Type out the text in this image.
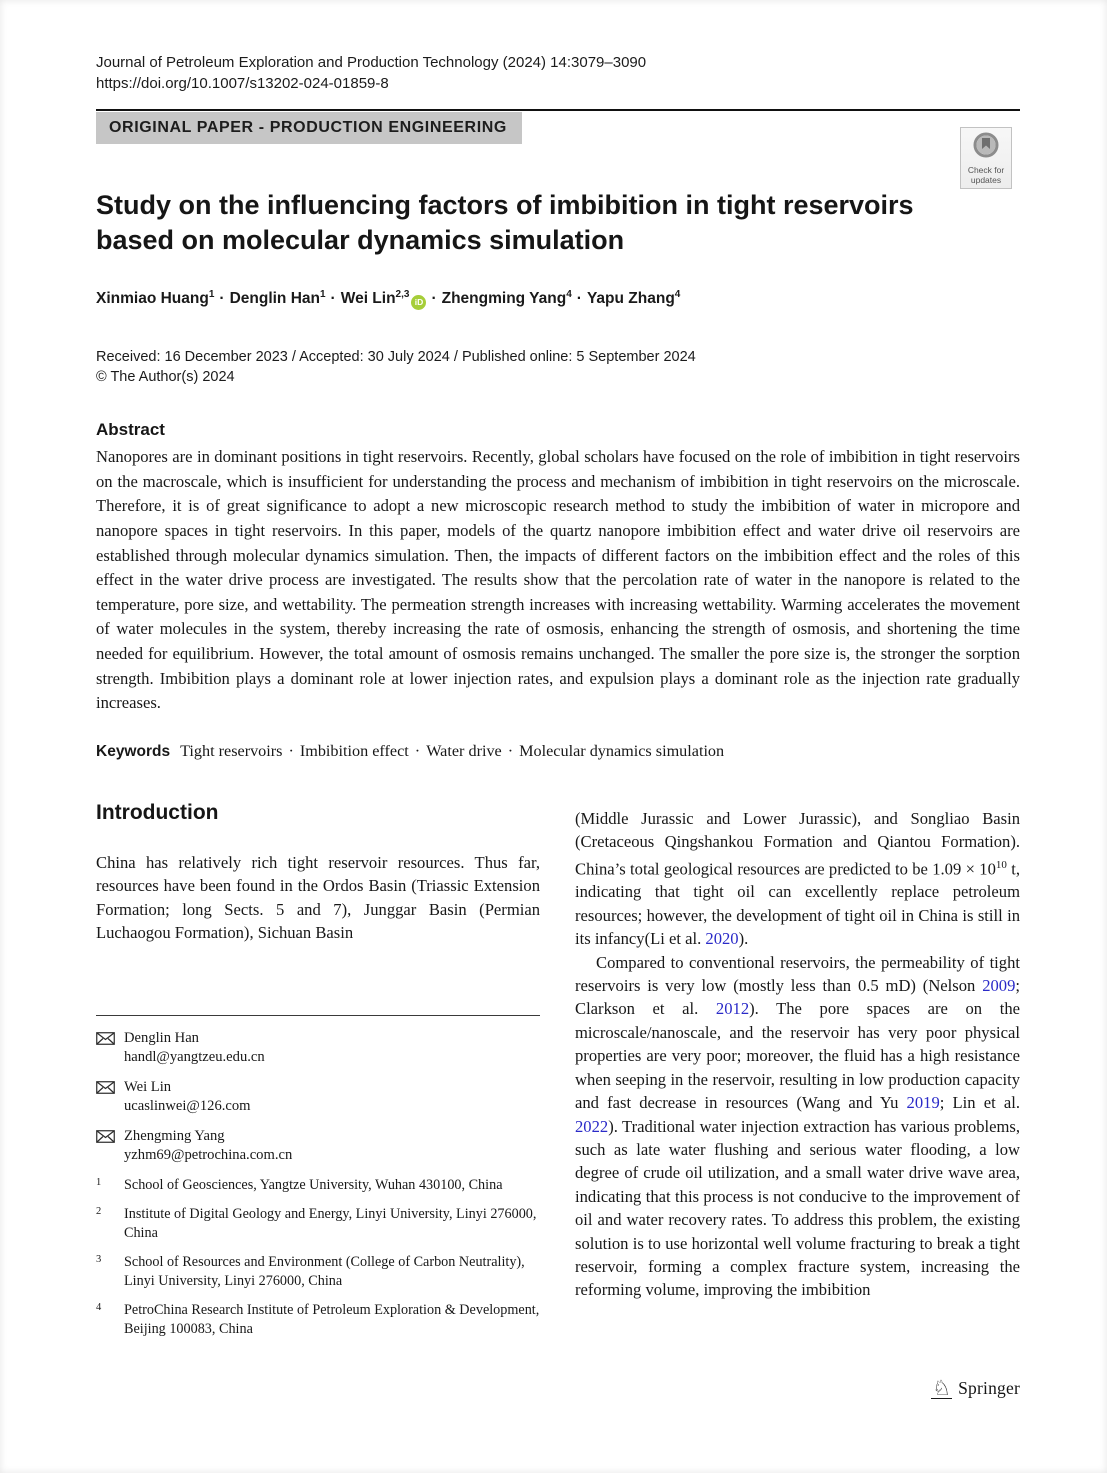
Journal of Petroleum Exploration and Production Technology (2024) 14:3079–3090
https://doi.org/10.1007/s13202-024-01859-8
ORIGINAL PAPER - PRODUCTION ENGINEERING
Check for
updates
Study on the influencing factors of imbibition in tight reservoirs based on molecular dynamics simulation
Xinmiao Huang$^1$ · Denglin Han$^1$ · Wei Lin$^{2,3}$iD · Zhengming Yang$^4$ · Yapu Zhang$^4$
Received: 16 December 2023 / Accepted: 30 July 2024 / Published online: 5 September 2024
© The Author(s) 2024
Abstract

Nanopores are in dominant positions in tight reservoirs. Recently, global scholars have focused on the role of imbibition in tight reservoirs on the macroscale, which is insufficient for understanding the process and mechanism of imbibition in tight reservoirs on the microscale. Therefore, it is of great significance to adopt a new microscopic research method to study the imbibition of water in micropore and nanopore spaces in tight reservoirs. In this paper, models of the quartz nanopore imbibition effect and water drive oil reservoirs are established through molecular dynamics simulation. Then, the impacts of different factors on the imbibition effect and the roles of this effect in the water drive process are investigated. The results show that the percolation rate of water in the nanopore is related to the temperature, pore size, and wettability. The permeation strength increases with increasing wettability. Warming accelerates the movement of water molecules in the system, thereby increasing the rate of osmosis, enhancing the strength of osmosis, and shortening the time needed for equilibrium. However, the total amount of osmosis remains unchanged. The smaller the pore size is, the stronger the sorption strength. Imbibition plays a dominant role at lower injection rates, and expulsion plays a dominant role as the injection rate gradually increases.

Keywords Tight reservoirs · Imbibition effect · Water drive · Molecular dynamics simulation
Introduction

China has relatively rich tight reservoir resources. Thus far, resources have been found in the Ordos Basin (Triassic Extension Formation; long Sects. 5 and 7), Junggar Basin (Permian Luchaogou Formation), Sichuan Basin

Denglin Han
handl@yangtzeu.edu.cn
Wei Lin
ucaslinwei@126.com
Zhengming Yang
yzhm69@petrochina.com.cn
1	School of Geosciences, Yangtze University, Wuhan 430100, China
2	Institute of Digital Geology and Energy, Linyi University, Linyi 276000, China
3	School of Resources and Environment (College of Carbon Neutrality), Linyi University, Linyi 276000, China
4	PetroChina Research Institute of Petroleum Exploration & Development, Beijing 100083, China

(Middle Jurassic and Lower Jurassic), and Songliao Basin (Cretaceous Qingshankou Formation and Qiantou Formation). China’s total geological resources are predicted to be $1.09 \times 10^{10}$ t, indicating that tight oil can excellently replace petroleum resources; however, the development of tight oil in China is still in its infancy(Li et al. 2020).

Compared to conventional reservoirs, the permeability of tight reservoirs is very low (mostly less than 0.5 mD) (Nelson 2009; Clarkson et al. 2012). The pore spaces are on the microscale/nanoscale, and the reservoir has very poor physical properties are very poor; moreover, the fluid has a high resistance when seeping in the reservoir, resulting in low production capacity and fast decrease in resources (Wang and Yu 2019; Lin et al. 2022). Traditional water injection extraction has various problems, such as late water flushing and serious water flooding, a low degree of crude oil utilization, and a small water drive wave area, indicating that this process is not conducive to the improvement of oil and water recovery rates. To address this problem, the existing solution is to use horizontal well volume fracturing to break a tight reservoir, forming a complex fracture system, increasing the reforming volume, improving the imbibition

♘ Springer
